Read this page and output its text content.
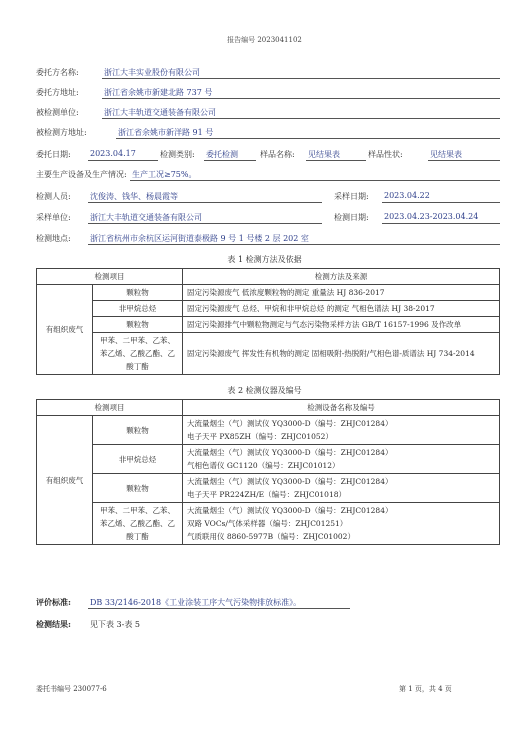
报告编号 2023041102
委托方名称:	浙江大丰实业股份有限公司
委托方地址:	浙江省余姚市新建北路 737 号
被检测单位:	浙江大丰轨道交通装备有限公司
被检测方地址:	浙江省余姚市新洋路 91 号
委托日期: 2023.04.17	检测类别: 委托检测	样品名称: 见结果表	样品性状:	见结果表
主要生产设备及生产情况: 生产工况≥75%。
检测人员: 沈俊涛、钱华、杨晨霞等	采样日期: 2023.04.22
采样单位: 浙江大丰轨道交通装备有限公司	检测日期: 2023.04.23-2023.04.24
检测地点: 浙江省杭州市余杭区运河街道泰极路 9 号 1 号楼 2 层 202 室
表 1 检测方法及依据
检测项目		检测方法及来源
有组织废气	颗粒物	固定污染源废气 低浓度颗粒物的测定 重量法 HJ 836-2017
	非甲烷总烃	固定污染源废气 总烃、甲烷和非甲烷总烃 的测定 气相色谱法 HJ 38-2017
	颗粒物	固定污染源排气中颗粒物测定与气态污染物采样方法 GB/T 16157-1996 及作改单
	甲苯、二甲苯、乙苯、苯乙烯、乙酸乙酯、乙酸丁酯	固定污染源废气 挥发性有机物的测定 固相吸附-热脱附/气相色谱-质谱法 HJ 734-2014
表 2 检测仪器及编号
检测项目		检测设备名称及编号
有组织废气	颗粒物	大流量烟尘（气）测试仪 YQ3000-D（编号：ZHJC01284）
电子天平 PX85ZH（编号：ZHJC01052）

	非甲烷总烃	大流量烟尘（气）测试仪 YQ3000-D（编号：ZHJC01284）
气相色谱仪 GC1120（编号：ZHJC01012）

	颗粒物	大流量烟尘（气）测试仪 YQ3000-D（编号：ZHJC01284）
电子天平 PR224ZH/E（编号：ZHJC01018）

	甲苯、二甲苯、乙苯、苯乙烯、乙酸乙酯、乙酸丁酯	大流量烟尘（气）测试仪 YQ3000-D（编号：ZHJC01284）
双路 VOCs/气体采样器（编号：ZHJC01251）
气质联用仪 8860-5977B（编号：ZHJC01002）
评价标准: DB 33/2146-2018《工业涂装工序大气污染物排放标准》。
检测结果: 见下表 3-表 5
委托书编号 230077-6	第 1 页，共 4 页
